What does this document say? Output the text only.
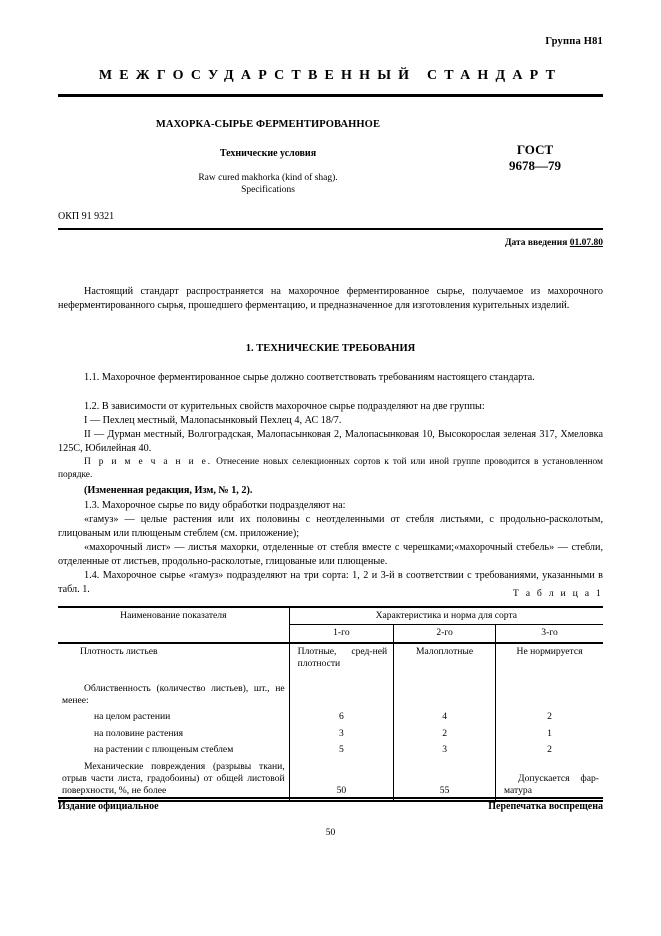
Группа Н81
МЕЖГОСУДАРСТВЕННЫЙ СТАНДАРТ
МАХОРКА-СЫРЬЕ ФЕРМЕНТИРОВАННОЕ
Технические условия
Raw cured makhorka (kind of shag).
Specifications
ГОСТ
9678—79
ОКП 91 9321
Дата введения 01.07.80
Настоящий стандарт распространяется на махорочное ферментированное сырье, получаемое из махорочного неферментированного сырья, прошедшего ферментацию, и предназначенное для изготовления курительных изделий.
1. ТЕХНИЧЕСКИЕ ТРЕБОВАНИЯ
1.1. Махорочное ферментированное сырье должно соответствовать требованиям настоящего стандарта.
1.2. В зависимости от курительных свойств махорочное сырье подразделяют на две группы:
I — Пехлец местный, Малопасынковый Пехлец 4, АС 18/7.
II — Дурман местный, Волгоградская, Малопасынковая 2, Малопасынковая 10, Высокорослая зеленая 317, Хмеловка 125С, Юбилейная 40.
П р и м е ч а н и е. Отнесение новых селекционных сортов к той или иной группе проводится в установленном порядке.
(Измененная редакция, Изм, № 1, 2).
1.3. Махорочное сырье по виду обработки подразделяют на:
«гамуз» — целые растения или их половины с неотделенными от стебля листьями, с продольно-расколотым, глицованым или плющеным стеблем (см. приложение);
«махорочный лист» — листья махорки, отделенные от стебля вместе с черешками;«махорочный стебель» — стебли, отделенные от листьев, продольно-расколотые, глицованые или плющеные.
1.4. Махорочное сырье «гамуз» подразделяют на три сорта: 1, 2 и 3-й в соответствии с требованиями, указанными в табл. 1.	Т а б л и ц а 1
Наименование показателя	Характеристика и норма для сорта		
	1-го	2-го	3-го
Плотность листьев	Плотные, сред-ней плотности	Малоплотные	Не нормируется
Облиственность (количество листьев), шт., не менее:			
на целом растении	6	4	2
на половине растения	3	2	1
на растении с плющеным стеблем	5	3	2
Механические повреждения (разрывы ткани, отрыв части листа, градобоины) от общей листовой поверхности, %, не более	50	55	Допускается фар-матура
Издание официальное	Перепечатка воспрещена
50
